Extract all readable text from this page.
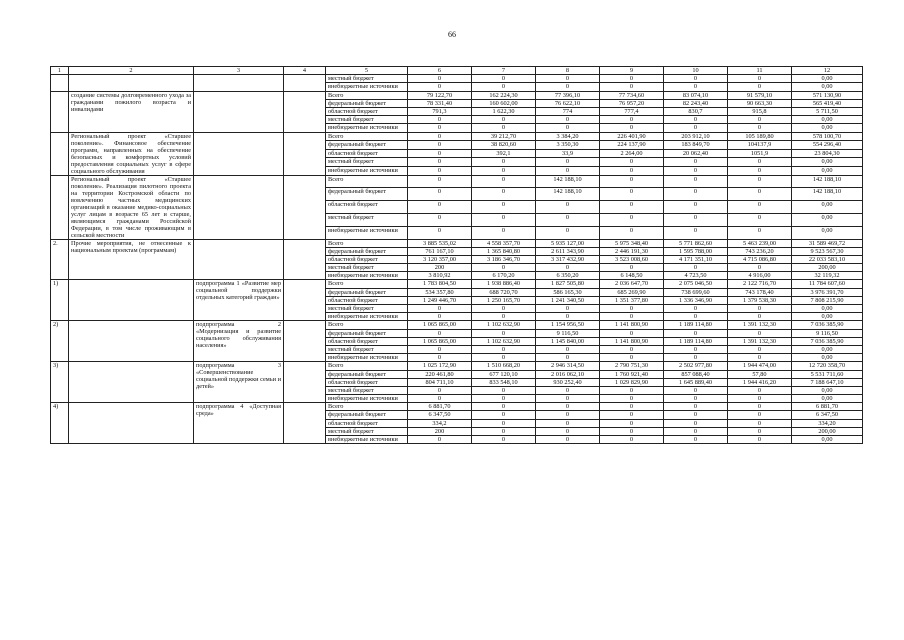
66
1	2	3	4	5	6	7	8	9	10	11	12
				местный бюджет	0	0	0	0	0	0	0,00
				внебюджетные источники	0	0	0	0	0	0	0,00
	создание системы долговременного ухода за гражданами пожилого возраста и инвалидами			Всего	79 122,70	162 224,30	77 396,10	77 734,60	83 074,10	91 579,10	571 130,90
				федеральный бюджет	78 331,40	160 602,00	76 622,10	76 957,20	82 243,40	90 663,30	565 419,40
				областной бюджет	791,3	1 622,30	774	777,4	830,7	915,8	5 711,50
				местный бюджет	0	0	0	0	0	0	0,00
				внебюджетные источники	0	0	0	0	0	0	0,00
	Региональный проект «Старшее поколение». Финансовое обеспечение программ, направленных на обеспечение безопасных и комфортных условий предоставления социальных услуг в сфере социального обслуживания			Всего	0	39 212,70	3 384,20	226 401,90	203 912,10	105 189,80	578 100,70
				федеральный бюджет	0	38 820,60	3 350,30	224 137,90	183 849,70	104137,9	554 296,40
				областной бюджет	0	392,1	33,9	2 264,00	20 062,40	1051,9	23 804,30
				местный бюджет	0	0	0	0	0	0	0,00
				внебюджетные источники	0	0	0	0	0	0	0,00
	Региональный проект «Старшее поколение». Реализация пилотного проекта на территории Костромской области по вовлечению частных медицинских организаций в оказание медико-социальных услуг лицам в возрасте 65 лет и старше, являющимся гражданами Российской Федерации, в том числе проживающим в сельской местности			Всего	0	0	142 188,10	0	0	0	142 188,10
				федеральный бюджет	0	0	142 188,10	0	0	0	142 188,10
				областной бюджет	0	0	0	0	0	0	0,00
				местный бюджет	0	0	0	0	0	0	0,00
				внебюджетные источники	0	0	0	0	0	0	0,00
2.	Прочие мероприятия, не отнесенные к национальным проектам (программам)			Всего	3 885 535,02	4 558 357,70	5 935 127,00	5 975 348,40	5 771 862,60	5 463 239,00	31 589 469,72
				федеральный бюджет	761 167,10	1 365 840,80	2 611 343,90	2 446 191,30	1 595 788,00	743 236,20	9 523 567,30
				областной бюджет	3 120 357,00	3 186 346,70	3 317 432,90	3 523 008,60	4 171 351,10	4 715 086,80	22 033 583,10
				местный бюджет	200	0	0	0	0	0	200,00
				внебюджетные источники	3 810,92	6 170,20	6 350,20	6 148,50	4 723,50	4 916,00	32 119,32
1)		подпрограмма 1 «Развитие мер социальной поддержки отдельных категорий граждан»		Всего	1 783 804,50	1 938 886,40	1 827 505,80	2 036 647,70	2 075 046,50	2 122 716,70	11 784 607,60
				федеральный бюджет	534 357,80	688 720,70	586 165,30	685 269,90	738 699,60	743 178,40	3 976 391,70
				областной бюджет	1 249 446,70	1 250 165,70	1 241 340,50	1 351 377,80	1 336 346,90	1 379 538,30	7 808 215,90
				местный бюджет	0	0	0	0	0	0	0,00
				внебюджетные источники	0	0	0	0	0	0	0,00
2)		подпрограмма 2 «Модернизация и развитие социального обслуживания населения»		Всего	1 065 865,00	1 102 632,90	1 154 956,50	1 141 800,90	1 189 114,80	1 391 132,30	7 036 385,90
				федеральный бюджет	0	0	9 116,50	0	0	0	9 116,50
				областной бюджет	1 065 865,00	1 102 632,90	1 145 840,00	1 141 800,90	1 189 114,80	1 391 132,30	7 036 385,90
				местный бюджет	0	0	0	0	0	0	0,00
				внебюджетные источники	0	0	0	0	0	0	0,00
3)		подпрограмма 3 «Совершенствование социальной поддержки семьи и детей»		Всего	1 025 172,90	1 510 668,20	2 946 314,50	2 790 751,30	2 502 977,80	1 944 474,00	12 720 358,70
				федеральный бюджет	220 461,80	677 120,10	2 016 062,10	1 760 921,40	857 088,40	57,80	5 531 711,60
				областной бюджет	804 711,10	833 548,10	930 252,40	1 029 829,90	1 645 889,40	1 944 416,20	7 188 647,10
				местный бюджет	0	0	0	0	0	0	0,00
				внебюджетные источники	0	0	0	0	0	0	0,00
4)		подпрограмма 4 «Доступная среда»		Всего	6 881,70	0	0	0	0	0	6 881,70
				федеральный бюджет	6 347,50	0	0	0	0	0	6 347,50
				областной бюджет	334,2	0	0	0	0	0	334,20
				местный бюджет	200	0	0	0	0	0	200,00
				внебюджетные источники	0	0	0	0	0	0	0,00
